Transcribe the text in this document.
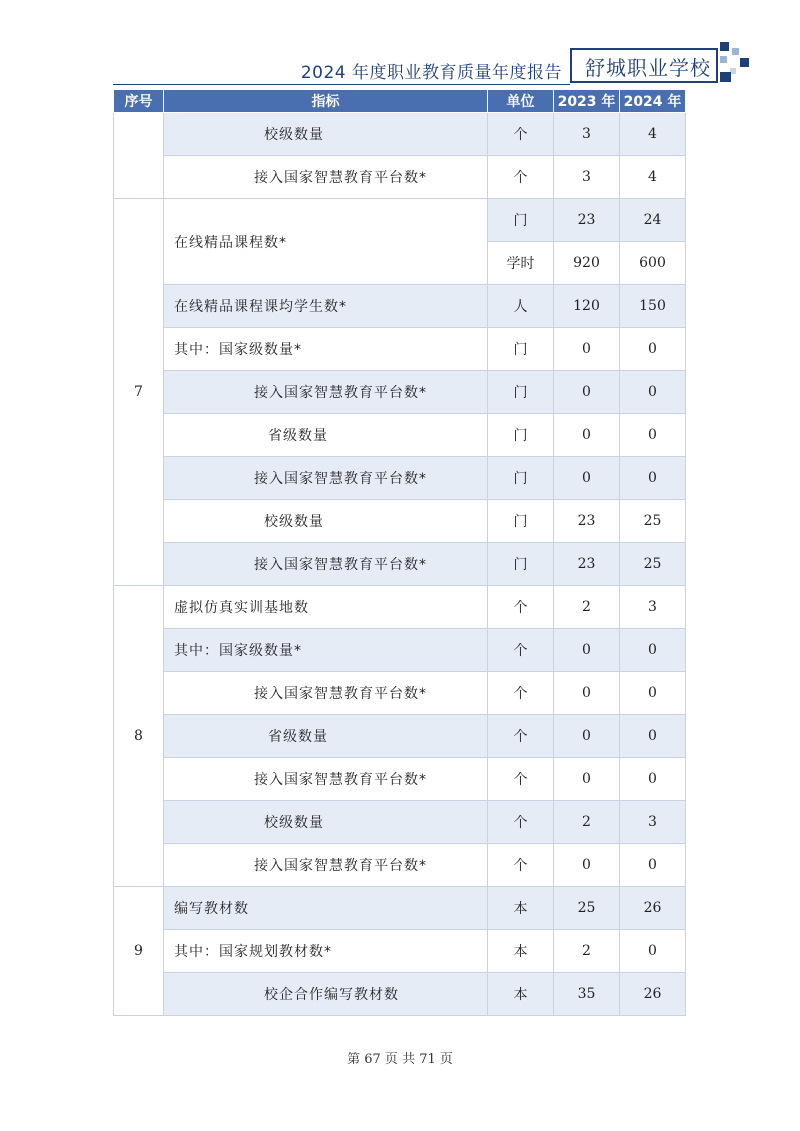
2024 年度职业教育质量年度报告	舒城职业学校
序号	指标	单位	2023 年	2024 年
	校级数量	个	3	4
	接入国家智慧教育平台数*	个	3	4
7	在线精品课程数*	门	23	24
		学时	920	600
	在线精品课程课均学生数*	人	120	150
	其中：国家级数量*	门	0	0
	接入国家智慧教育平台数*	门	0	0
	省级数量	门	0	0
	接入国家智慧教育平台数*	门	0	0
	校级数量	门	23	25
	接入国家智慧教育平台数*	门	23	25
8	虚拟仿真实训基地数	个	2	3
	其中：国家级数量*	个	0	0
	接入国家智慧教育平台数*	个	0	0
	省级数量	个	0	0
	接入国家智慧教育平台数*	个	0	0
	校级数量	个	2	3
	接入国家智慧教育平台数*	个	0	0
9	编写教材数	本	25	26
	其中：国家规划教材数*	本	2	0
	校企合作编写教材数	本	35	26
第 67 页 共 71 页
